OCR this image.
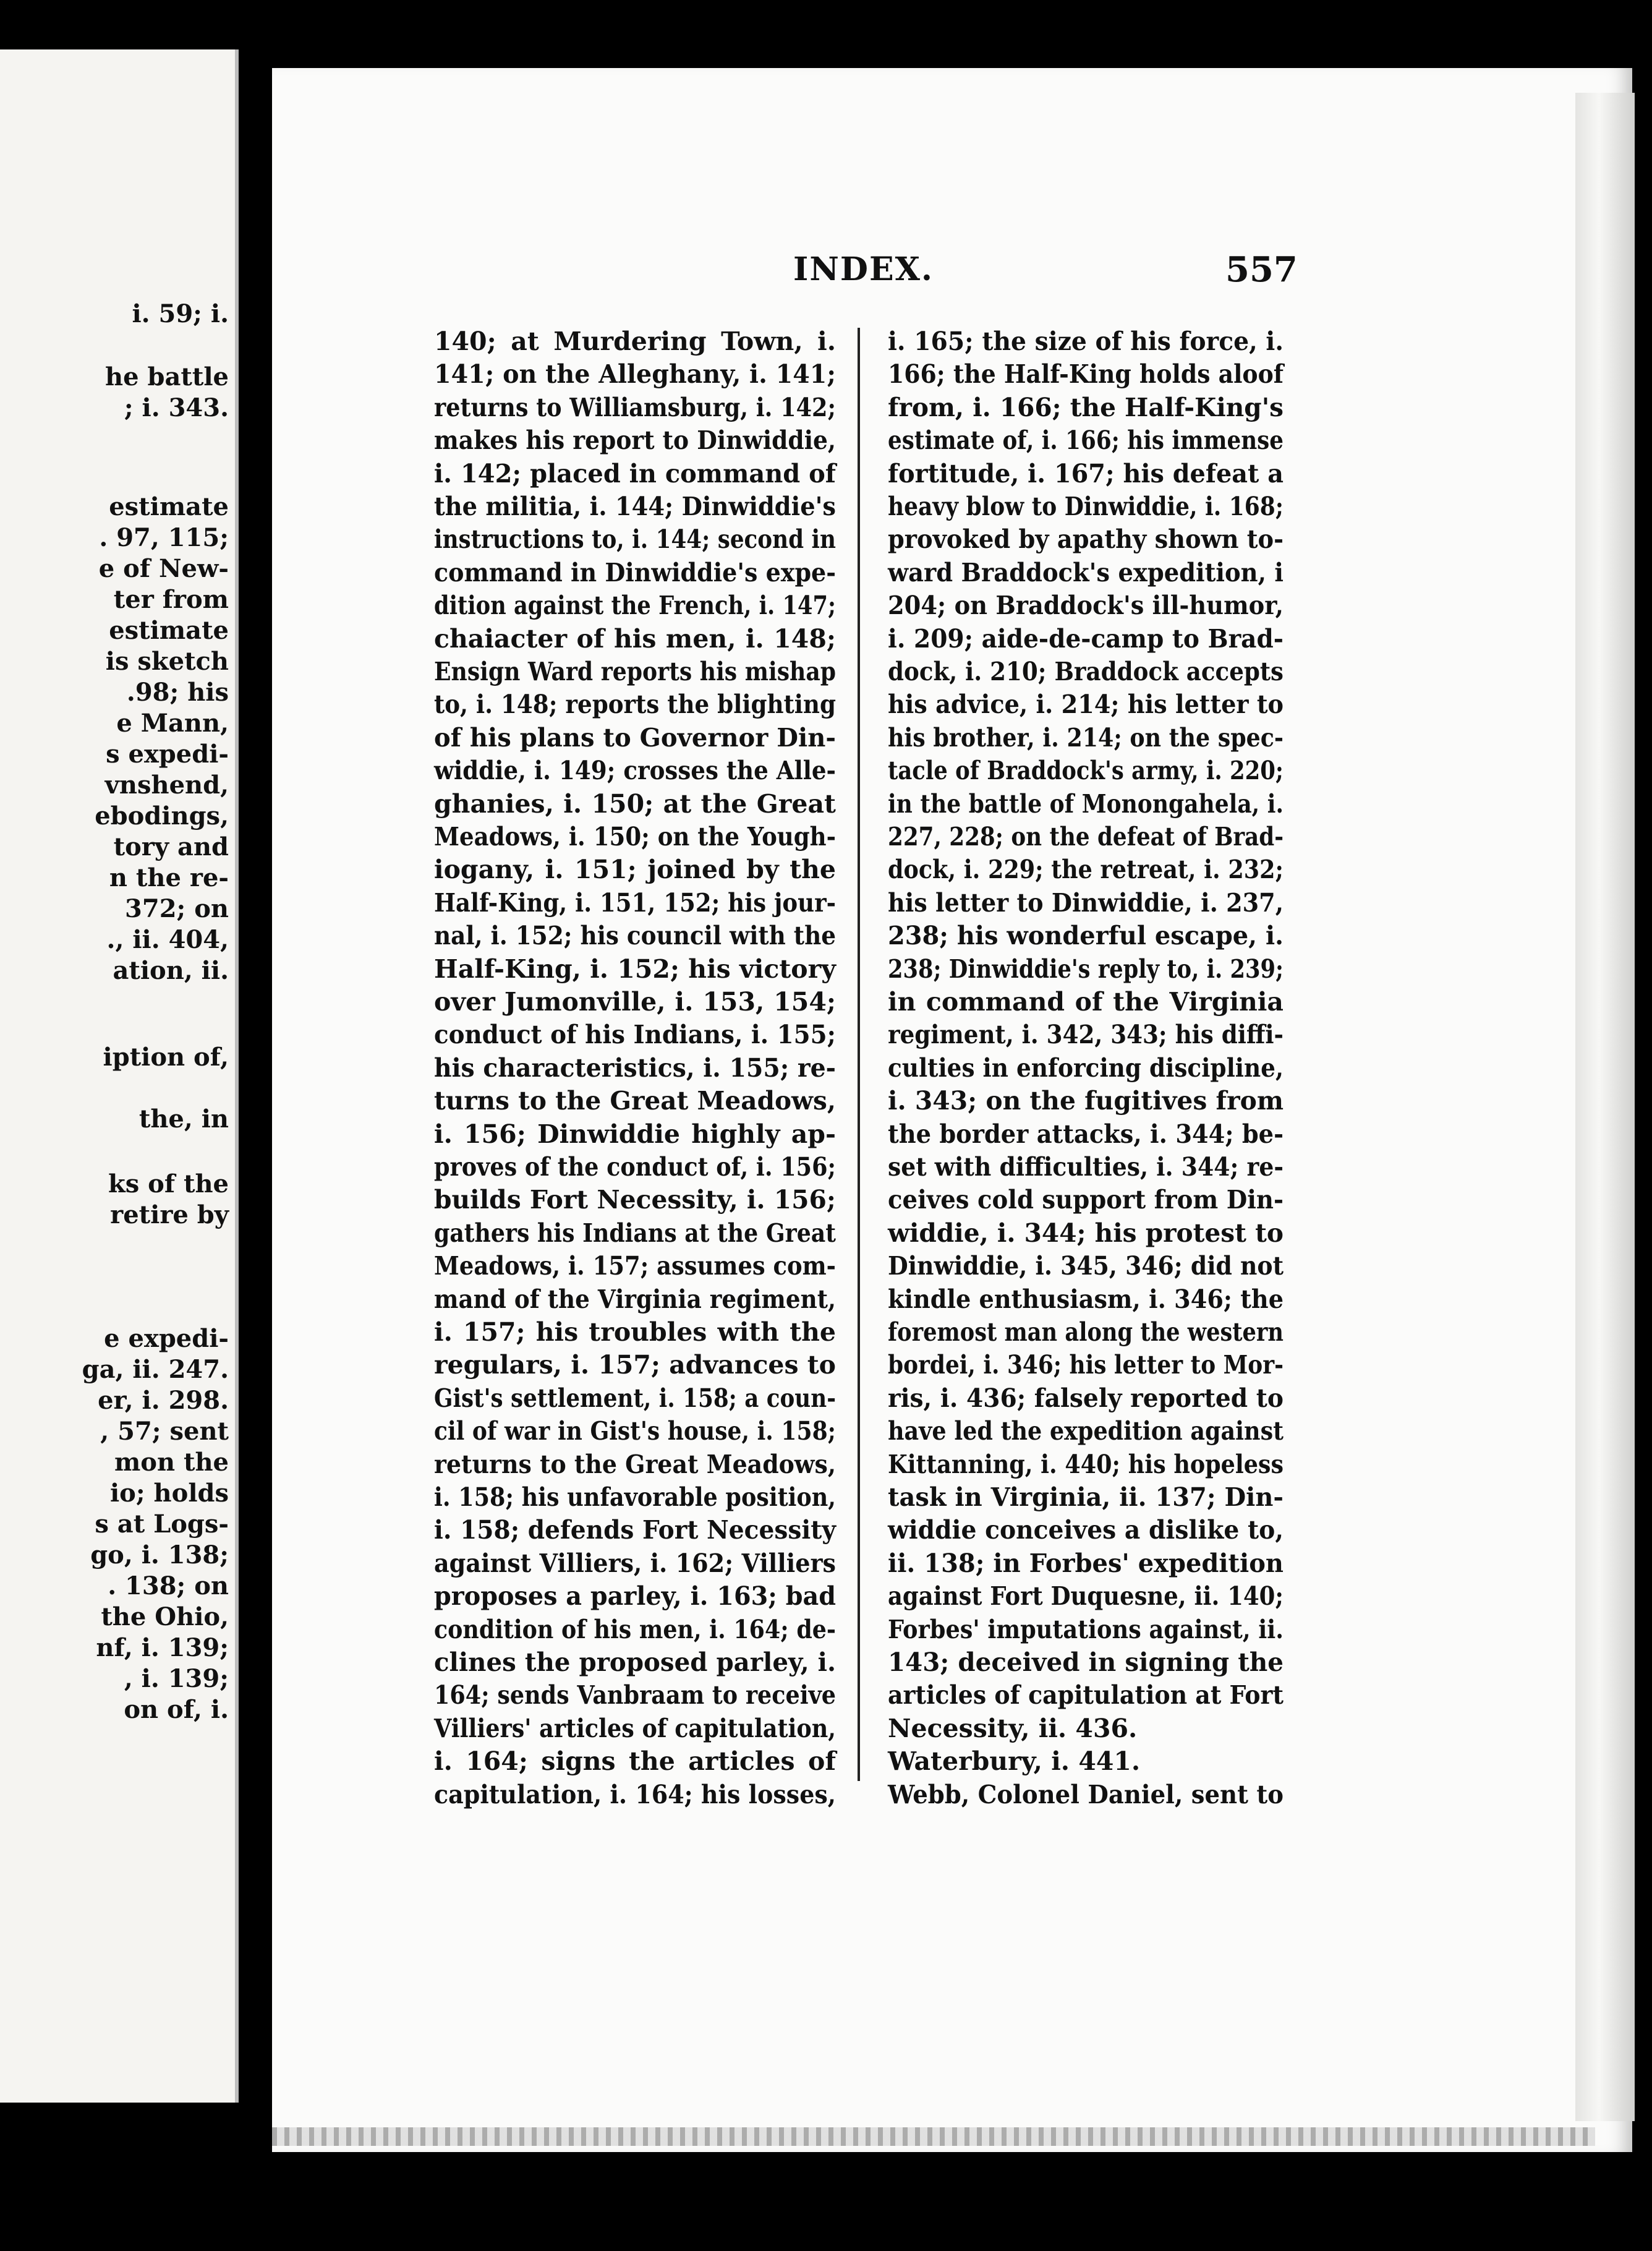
INDEX.	557
i. 59; i.
he battle
; i. 343.
estimate
. 97, 115;
e of New-
ter from
estimate
is sketch
.98; his
e Mann,
s expedi-
vnshend,
ebodings,
tory and
n the re-
372; on
., ii. 404,
ation, ii.
iption of,
the, in
ks of the
retire by
e expedi-
ga, ii. 247.
er, i. 298.
, 57; sent
mon the
io; holds
s at Logs-
go, i. 138;
. 138; on
the Ohio,
nf, i. 139;
, i. 139;
on of, i.
140; at Murdering Town, i.
141; on the Alleghany, i. 141;
returns to Williamsburg, i. 142;
makes his report to Dinwiddie,
i. 142; placed in command of
the militia, i. 144; Dinwiddie's
instructions to, i. 144; second in
command in Dinwiddie's expe-
dition against the French, i. 147;
chaiacter of his men, i. 148;
Ensign Ward reports his mishap
to, i. 148; reports the blighting
of his plans to Governor Din-
widdie, i. 149; crosses the Alle-
ghanies, i. 150; at the Great
Meadows, i. 150; on the Yough-
iogany, i. 151; joined by the
Half-King, i. 151, 152; his jour-
nal, i. 152; his council with the
Half-King, i. 152; his victory
over Jumonville, i. 153, 154;
conduct of his Indians, i. 155;
his characteristics, i. 155; re-
turns to the Great Meadows,
i. 156; Dinwiddie highly ap-
proves of the conduct of, i. 156;
builds Fort Necessity, i. 156;
gathers his Indians at the Great
Meadows, i. 157; assumes com-
mand of the Virginia regiment,
i. 157; his troubles with the
regulars, i. 157; advances to
Gist's settlement, i. 158; a coun-
cil of war in Gist's house, i. 158;
returns to the Great Meadows,
i. 158; his unfavorable position,
i. 158; defends Fort Necessity
against Villiers, i. 162; Villiers
proposes a parley, i. 163; bad
condition of his men, i. 164; de-
clines the proposed parley, i.
164; sends Vanbraam to receive
Villiers' articles of capitulation,
i. 164; signs the articles of
capitulation, i. 164; his losses,
i. 165; the size of his force, i.
166; the Half-King holds aloof
from, i. 166; the Half-King's
estimate of, i. 166; his immense
fortitude, i. 167; his defeat a
heavy blow to Dinwiddie, i. 168;
provoked by apathy shown to-
ward Braddock's expedition, i
204; on Braddock's ill-humor,
i. 209; aide-de-camp to Brad-
dock, i. 210; Braddock accepts
his advice, i. 214; his letter to
his brother, i. 214; on the spec-
tacle of Braddock's army, i. 220;
in the battle of Monongahela, i.
227, 228; on the defeat of Brad-
dock, i. 229; the retreat, i. 232;
his letter to Dinwiddie, i. 237,
238; his wonderful escape, i.
238; Dinwiddie's reply to, i. 239;
in command of the Virginia
regiment, i. 342, 343; his diffi-
culties in enforcing discipline,
i. 343; on the fugitives from
the border attacks, i. 344; be-
set with difficulties, i. 344; re-
ceives cold support from Din-
widdie, i. 344; his protest to
Dinwiddie, i. 345, 346; did not
kindle enthusiasm, i. 346; the
foremost man along the western
bordei, i. 346; his letter to Mor-
ris, i. 436; falsely reported to
have led the expedition against
Kittanning, i. 440; his hopeless
task in Virginia, ii. 137; Din-
widdie conceives a dislike to,
ii. 138; in Forbes' expedition
against Fort Duquesne, ii. 140;
Forbes' imputations against, ii.
143; deceived in signing the
articles of capitulation at Fort
Necessity, ii. 436.
Waterbury, i. 441.
Webb, Colonel Daniel, sent to
